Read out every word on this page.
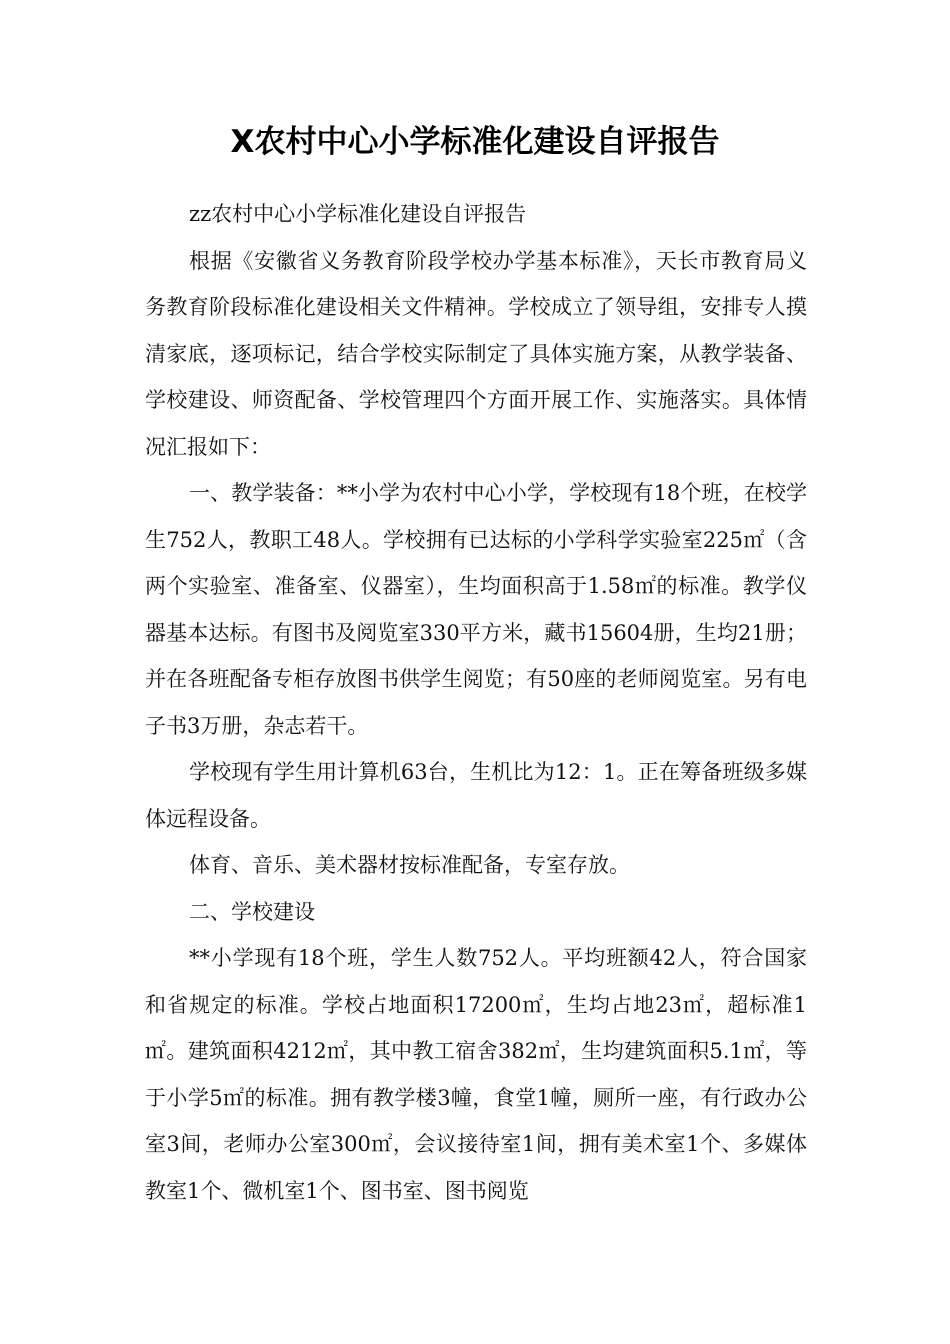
X农村中心小学标准化建设自评报告

zz农村中心小学标准化建设自评报告

根据《安徽省义务教育阶段学校办学基本标准》，天长市教育局义务教育阶段标准化建设相关文件精神。学校成立了领导组，安排专人摸清家底，逐项标记，结合学校实际制定了具体实施方案，从教学装备、学校建设、师资配备、学校管理四个方面开展工作、实施落实。具体情况汇报如下：

一、教学装备：**小学为农村中心小学，学校现有18个班，在校学生752人，教职工48人。学校拥有已达标的小学科学实验室225㎡（含两个实验室、准备室、仪器室），生均面积高于1.58㎡的标准。教学仪器基本达标。有图书及阅览室330平方米，藏书15604册，生均21册；并在各班配备专柜存放图书供学生阅览；有50座的老师阅览室。另有电子书3万册，杂志若干。

学校现有学生用计算机63台，生机比为12：1。正在筹备班级多媒体远程设备。

体育、音乐、美术器材按标准配备，专室存放。

二、学校建设

**小学现有18个班，学生人数752人。平均班额42人，符合国家和省规定的标准。学校占地面积17200㎡，生均占地23㎡，超标准1㎡。建筑面积4212㎡，其中教工宿舍382㎡，生均建筑面积5.1㎡，等于小学5㎡的标准。拥有教学楼3幢，食堂1幢，厕所一座，有行政办公室3间，老师办公室300㎡，会议接待室1间，拥有美术室1个、多媒体教室1个、微机室1个、图书室、图书阅览
